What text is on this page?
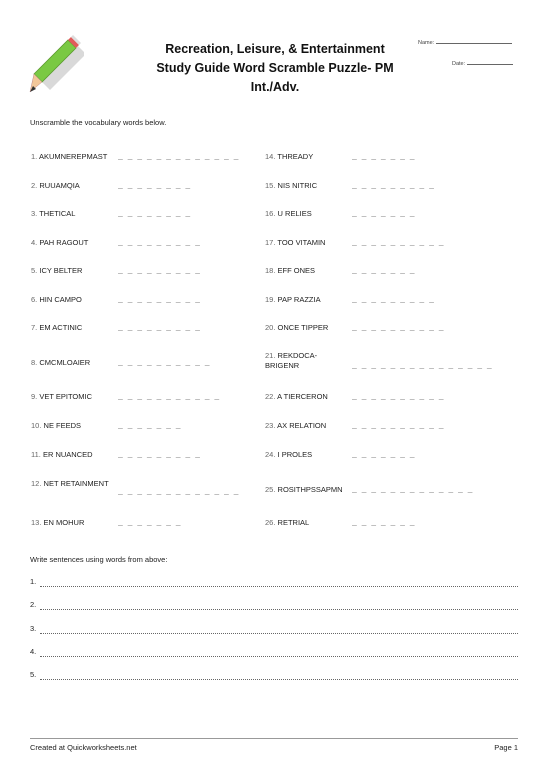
Recreation, Leisure, & Entertainment
Study Guide Word Scramble Puzzle- PM
Int./Adv.
Name:
Date:
Unscramble the vocabulary words below.
1. AKUMNEREPMAST _ _ _ _ _ _ _ _ _ _ _ _ _
2. RUUAMQIA	_ _ _ _ _ _ _ _
3. THETICAL	_ _ _ _ _ _ _ _
4. PAH RAGOUT	_ _ _ _ _ _ _ _ _
5. ICY BELTER	_ _ _ _ _ _ _ _ _
6. HIN CAMPO	_ _ _ _ _ _ _ _ _
7. EM ACTINIC	_ _ _ _ _ _ _ _ _
8. CMCMLOAIER	_ _ _ _ _ _ _ _ _ _
9. VET EPITOMIC	_ _ _ _ _ _ _ _ _ _ _
10. NE FEEDS	_ _ _ _ _ _ _
11. ER NUANCED	_ _ _ _ _ _ _ _ _
12. NET RETAINMENT
_ _ _ _ _ _ _ _ _ _ _ _ _
13. EN MOHUR	_ _ _ _ _ _ _
14. THREADY	_ _ _ _ _ _ _
15. NIS NITRIC	_ _ _ _ _ _ _ _ _
16. U RELIES	_ _ _ _ _ _ _
17. TOO VITAMIN	_ _ _ _ _ _ _ _ _ _
18. EFF ONES	_ _ _ _ _ _ _
19. PAP RAZZIA	_ _ _ _ _ _ _ _ _
20. ONCE TIPPER	_ _ _ _ _ _ _ _ _ _
21. REKDOCA-BRIGENR	_ _ _ _ _ _ _ _ _ _ _ _ _ _ _
22. A TIERCERON	_ _ _ _ _ _ _ _ _ _
23. AX RELATION	_ _ _ _ _ _ _ _ _ _
24. I PROLES	_ _ _ _ _ _ _
25. ROSITHPSSAPMN _ _ _ _ _ _ _ _ _ _ _ _ _
26. RETRIAL	_ _ _ _ _ _ _
Write sentences using words from above:
1.
2.
3.
4.
5.
Created at Quickworksheets.net	Page 1
